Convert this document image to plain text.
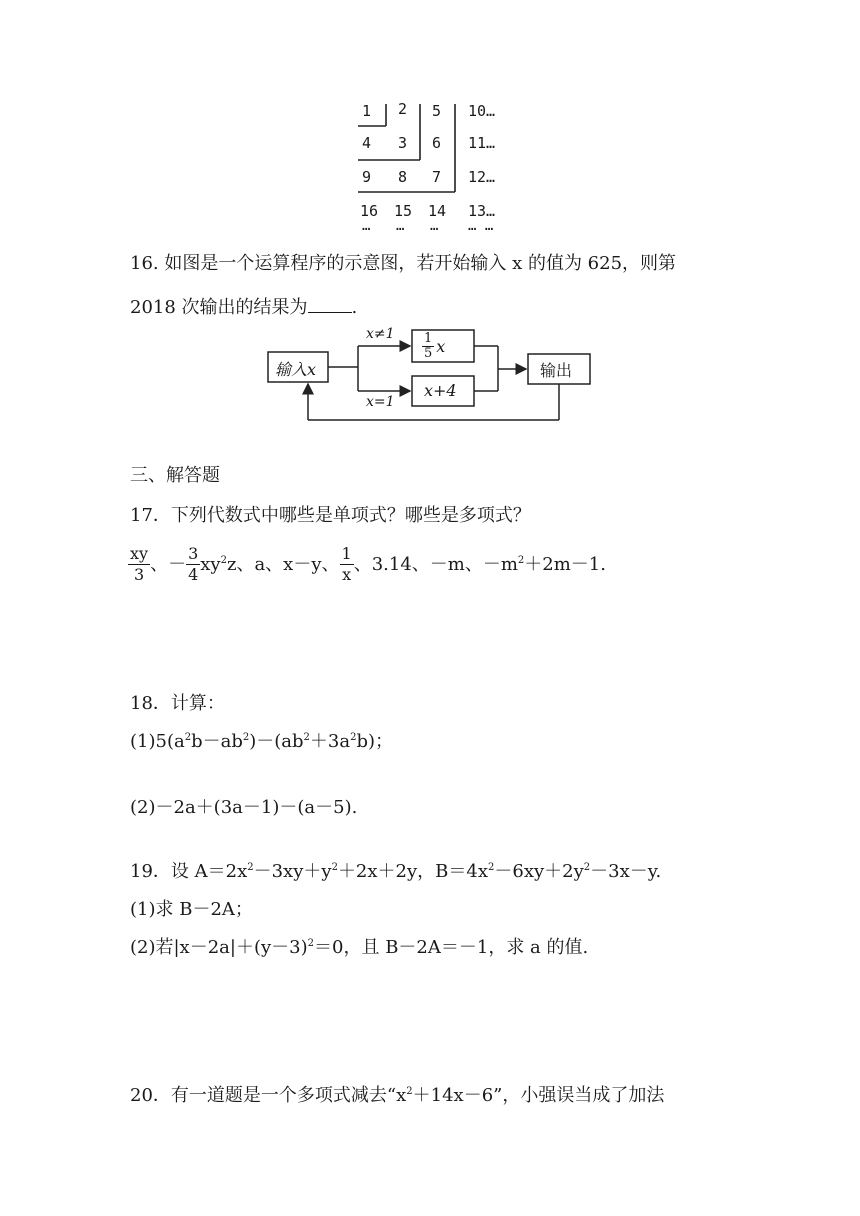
1 2 5 10…
4 3 6 11…
9 8 7 12…
16 15 14 13…
… … … … …
16. 如图是一个运算程序的示意图，若开始输入 x 的值为 625，则第
2018 次输出的结果为 .
输入x
x≠1
x=1
$\frac{1}{5}$ x
x+4
输出
三、解答题
17．下列代数式中哪些是单项式？哪些是多项式？
$\frac{xy}{3}$ 、 － $\frac{3}{4} xy^2z$ 、 a 、 x－y 、 $\frac{1}{x}$ 、 3.14、－m、$-m^2+2m-1$.
18．计算：
$(1)5(a^2b-ab^2)-(ab^2+3a^2b)$；
(2)－2a＋(3a－1)－(a－5).
19．设 $A=2x^2-3xy+y^2+2x+2y$，$B=4x^2-6xy+2y^2-3x-y$.
(1)求 B－2A；
(2)若$|x-2a|+(y-3)^2=0$，且 B－2A＝－1，求 a 的值.
20．有一道题是一个多项式减去“$x^2+14x-6$”，小强误当成了加法
